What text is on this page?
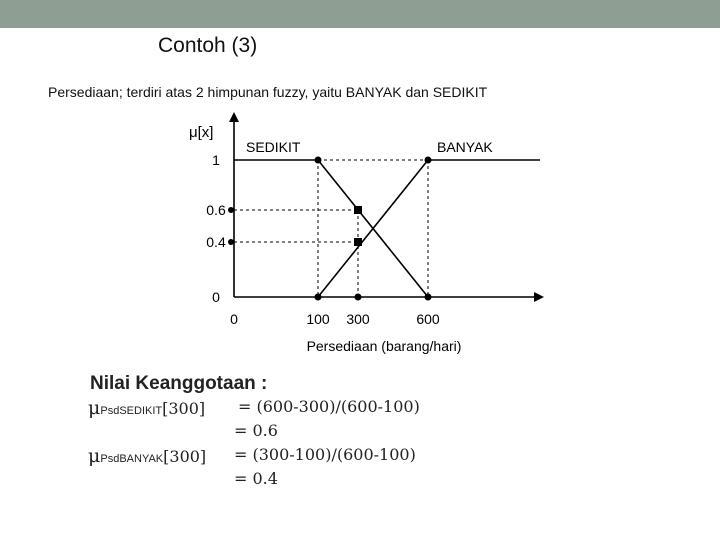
Contoh (3)
Persediaan; terdiri atas 2 himpunan fuzzy, yaitu BANYAK dan SEDIKIT
μ[x]
0
0.4
0.6
1
0	100 300	600
Persediaan (barang/hari)
SEDIKIT	BANYAK
Nilai Keanggotaan :
μPsdSEDIKIT[300] = (600-300)/(600-100)
= 0.6
μPsdBANYAK[300] = (300-100)/(600-100)
= 0.4
